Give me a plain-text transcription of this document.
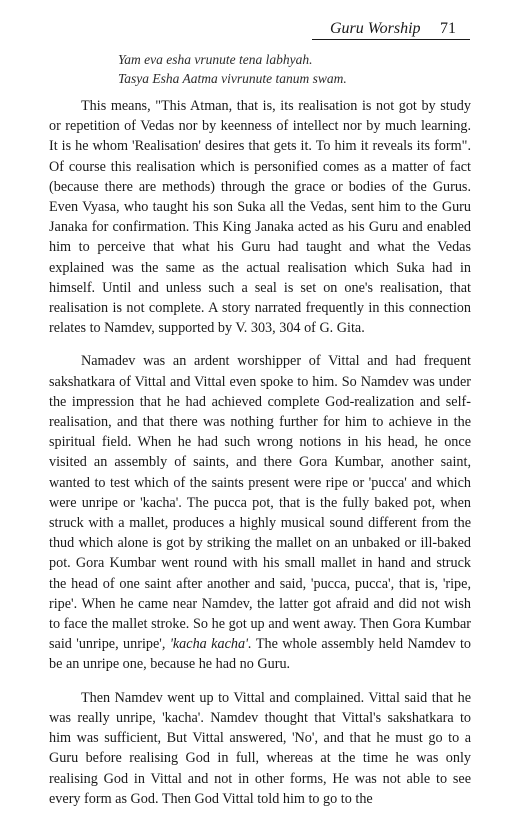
Guru Worship 71
Yam eva esha vrunute tena labhyah.
Tasya Esha Aatma vivrunute tanum swam.

This means, "This Atman, that is, its realisation is not got by study or repetition of Vedas nor by keenness of intellect nor by much learning. It is he whom 'Realisation' desires that gets it. To him it reveals its form". Of course this realisation which is personified comes as a matter of fact (because there are methods) through the grace or bodies of the Gurus. Even Vyasa, who taught his son Suka all the Vedas, sent him to the Guru Janaka for confirmation. This King Janaka acted as his Guru and enabled him to perceive that what his Guru had taught and what the Vedas explained was the same as the actual realisation which Suka had in himself. Until and unless such a seal is set on one's realisation, that realisation is not complete. A story narrated frequently in this connection relates to Namdev, supported by V. 303, 304 of G. Gita.

Namadev was an ardent worshipper of Vittal and had frequent sakshatkara of Vittal and Vittal even spoke to him. So Namdev was under the impression that he had achieved complete God-realization and self-realisation, and that there was nothing further for him to achieve in the spiritual field. When he had such wrong notions in his head, he once visited an assembly of saints, and there Gora Kumbar, another saint, wanted to test which of the saints present were ripe or 'pucca' and which were unripe or 'kacha'. The pucca pot, that is the fully baked pot, when struck with a mallet, produces a highly musical sound different from the thud which alone is got by striking the mallet on an unbaked or ill-baked pot. Gora Kumbar went round with his small mallet in hand and struck the head of one saint after another and said, 'pucca, pucca', that is, 'ripe, ripe'. When he came near Namdev, the latter got afraid and did not wish to face the mallet stroke. So he got up and went away. Then Gora Kumbar said 'unripe, unripe', 'kacha kacha'. The whole assembly held Namdev to be an unripe one, because he had no Guru.

Then Namdev went up to Vittal and complained. Vittal said that he was really unripe, 'kacha'. Namdev thought that Vittal's sakshatkara to him was sufficient, But Vittal answered, 'No', and that he must go to a Guru before realising God in full, whereas at the time he was only realising God in Vittal and not in other forms, He was not able to see every form as God. Then God Vittal told him to go to the
